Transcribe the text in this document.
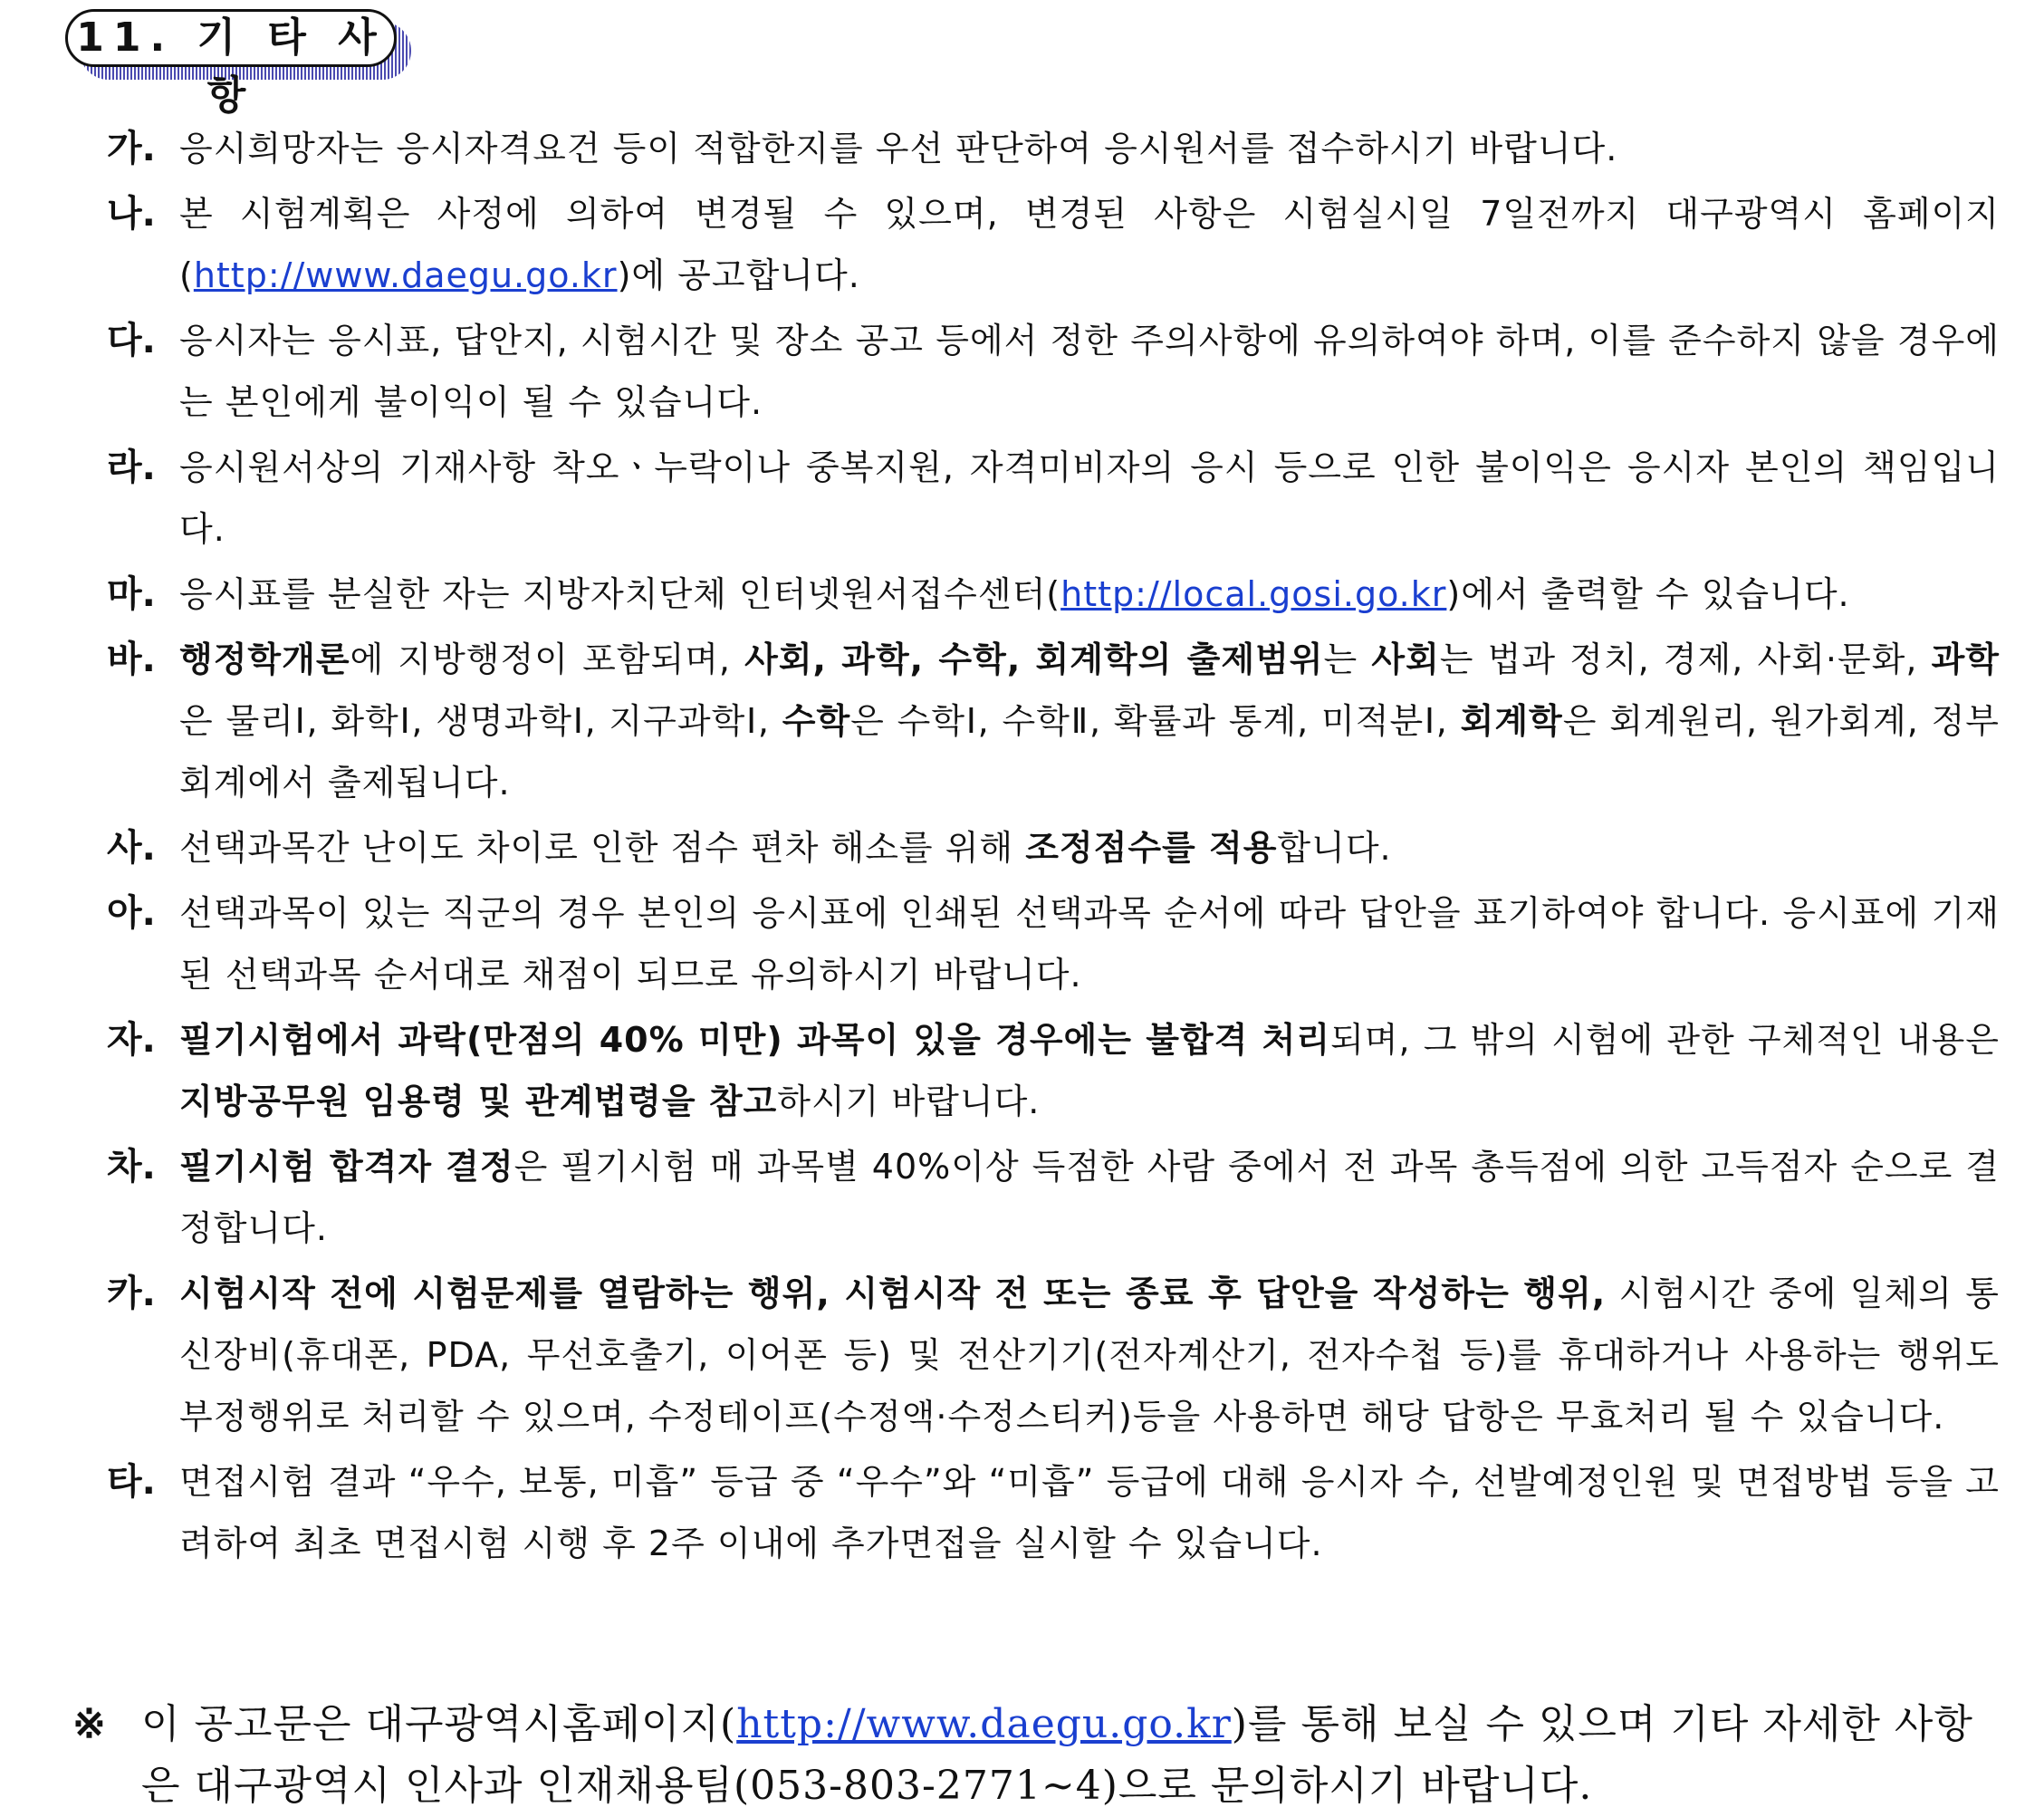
11. 기 타 사 항
가. 응시희망자는 응시자격요건 등이 적합한지를 우선 판단하여 응시원서를 접수하시기 바랍니다.
나. 본 시험계획은 사정에 의하여 변경될 수 있으며, 변경된 사항은 시험실시일 7일전까지 대구광역시 홈페이지(http://www.daegu.go.kr)에 공고합니다.
다. 응시자는 응시표, 답안지, 시험시간 및 장소 공고 등에서 정한 주의사항에 유의하여야 하며, 이를 준수하지 않을 경우에는 본인에게 불이익이 될 수 있습니다.
라. 응시원서상의 기재사항 착오ㆍ누락이나 중복지원, 자격미비자의 응시 등으로 인한 불이익은 응시자 본인의 책임입니다.
마. 응시표를 분실한 자는 지방자치단체 인터넷원서접수센터(http://local.gosi.go.kr)에서 출력할 수 있습니다.
바. 행정학개론에 지방행정이 포함되며, 사회, 과학, 수학, 회계학의 출제범위는 사회는 법과 정치, 경제, 사회·문화, 과학은 물리Ⅰ, 화학Ⅰ, 생명과학Ⅰ, 지구과학Ⅰ, 수학은 수학Ⅰ, 수학Ⅱ, 확률과 통계, 미적분Ⅰ, 회계학은 회계원리, 원가회계, 정부회계에서 출제됩니다.
사. 선택과목간 난이도 차이로 인한 점수 편차 해소를 위해 조정점수를 적용합니다.
아. 선택과목이 있는 직군의 경우 본인의 응시표에 인쇄된 선택과목 순서에 따라 답안을 표기하여야 합니다. 응시표에 기재된 선택과목 순서대로 채점이 되므로 유의하시기 바랍니다.
자. 필기시험에서 과락(만점의 40% 미만) 과목이 있을 경우에는 불합격 처리되며, 그 밖의 시험에 관한 구체적인 내용은 지방공무원 임용령 및 관계법령을 참고하시기 바랍니다.
차. 필기시험 합격자 결정은 필기시험 매 과목별 40%이상 득점한 사람 중에서 전 과목 총득점에 의한 고득점자 순으로 결정합니다.
카. 시험시작 전에 시험문제를 열람하는 행위, 시험시작 전 또는 종료 후 답안을 작성하는 행위, 시험시간 중에 일체의 통신장비(휴대폰, PDA, 무선호출기, 이어폰 등) 및 전산기기(전자계산기, 전자수첩 등)를 휴대하거나 사용하는 행위도 부정행위로 처리할 수 있으며, 수정테이프(수정액·수정스티커)등을 사용하면 해당 답항은 무효처리 될 수 있습니다.
타. 면접시험 결과 “우수, 보통, 미흡” 등급 중 “우수”와 “미흡” 등급에 대해 응시자 수, 선발예정인원 및 면접방법 등을 고려하여 최초 면접시험 시행 후 2주 이내에 추가면접을 실시할 수 있습니다.
※ 이 공고문은 대구광역시홈페이지(http://www.daegu.go.kr)를 통해 보실 수 있으며 기타 자세한 사항은 대구광역시 인사과 인재채용팀(053-803-2771~4)으로 문의하시기 바랍니다.
